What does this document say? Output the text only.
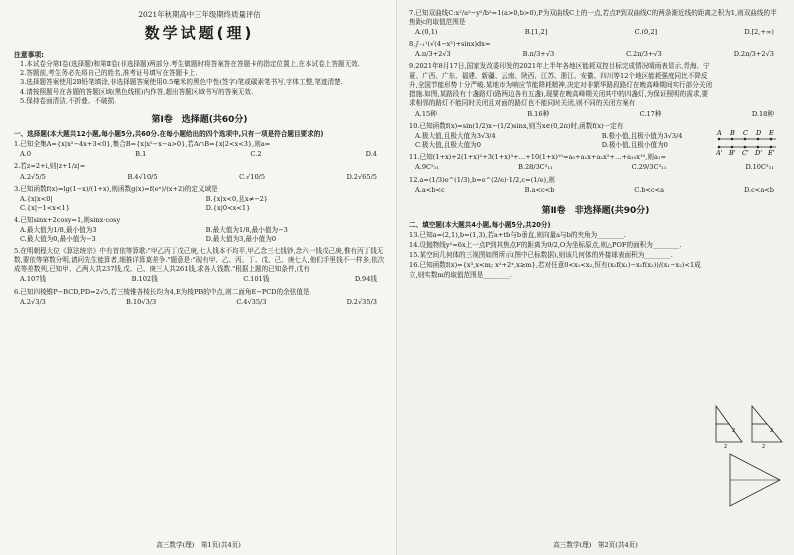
2021年秋期高中三年级期终质量评估
数学试题(理)
注意事项:

1.本试卷分第Ⅰ卷(选择题)和第Ⅱ卷(非选择题)两部分.考生做题时将答案答在答题卡的指定位置上,在本试卷上答题无效.

2.答题前,考生务必先将自己的姓名,准考证号填写在答题卡上.

3.选择题答案使用2B铅笔填涂,非选择题答案使用0.5毫米的黑色中性(签字)笔或碳素笔书写,字体工整,笔迹清楚.

4.请按照题号在各题的答题区域(黑色线框)内作答,超出答题区域书写的答案无效.

5.保持卷面清洁,不折叠、不破损.

第Ⅰ卷　选择题(共60分)
一、选择题(本大题共12小题,每小题5分,共60分.在每小题给出的四个选项中,只有一项是符合题目要求的)
1.已知全集A={x|x²−4x+3<0},集合B={x|x²−x−a>0},若A∩B={x|2<x<3},则a=
A.0	B.1	C.2	D.4
2.若z=2+i,则|z+1/z|=
A.2√5/5	B.4√10/5	C.√10/5	D.2√65/5
3.已知函数f(x)=lg(1−x)/(1+x),则函数g(x)=f(eˣ)/(x+2)的定义域是
A.{x|x<0|	B.{x|x<0,且x≠−2}
C.{x|−1<x<1}	D.{x|0<x<1}
4.已知sinx+2cosy=1,则sinx·cosy
A.最大值为1/8,最小值为3	B.最大值为1/8,最小值为−3
C.最大值为0,最小值为−3	D.最大值为3,最小值为0
5.在明朝程大位《算法统宗》中有首依等算歌:"甲乙丙丁戊己庚,七人钱本不均平,甲乙念三七钱钞,念六一钱戊己庚,惟有丙丁钱无数,要依等第数分明,请问先生能算者,细推详算莫差争."题意是:"现有甲、乙、丙、丁、戊、己、庚七人,他们手里钱不一样多,依次成等差数列,已知甲、乙两人共237钱,戊、己、庚三人共261钱,求各人钱数."根据上题的已知条件,戊有
A.107钱	B.102钱	C.101钱	D.94钱
6.已知四棱锥P−BCD,PD=2√5,若三棱锥各棱长均为4,E为棱PB的中点,则二面角E−PCD的余弦值是
A.2√3/3	B.10√3/3	C.4√35/3	D.2√35/3
高三数学(理)　第1页(共4页)
7.已知双曲线C:x²/a²−y²/b²=1(a>0,b>0),P为双曲线C上的一点,若点P到双曲线C的两条渐近线的距离之积为1,则双曲线的半焦距c的取值范围是
A.(0,1)	B.[1,2]	C.(0,2]	D.[2,+∞)
8.∫₋₁¹(√(4−x²)+sinx)dx=
A.π/3+2√3	B.π/3+√3	C.2π/3+√3	D.2π/3+2√3
9.2021年8月17日,国家发改委印发的2021年上半年各地区能耗双控目标完成情况晴雨表显示,青海、宁夏、广西、广东、福建、新疆、云南、陕西、江苏、浙江、安徽、四川等12个地区能耗强度同比不降反升,全国节能形势十分严峻.某地市为响应节能降耗精神,决定对非繁华路段路灯在晚高峰期间实行部分关闭措施.如图,某路段有十盏路灯(路两边各有五盏),现要在晚高峰期关闭其中的四盏灯,为保证照明的需求,要求相邻的路灯不能同时关闭且对面的路灯也不能同时关闭,则不同的关闭方案有
A.15种	B.16种	C.17种	D.18种
A B C D E
A' B' C' D' E'
10.已知函数f(x)=sin(1/2)x−(1/2)sinx,则当x∈(0,2π)时,函数f(x)一定有
A.极大值,且极大值为3√3/4	B.极小值,且极小值为3√3/4
C.极大值,且极大值为0	D.极小值,且极小值为0
11.已知(1+x)+2(1+x)²+3(1+x)³+…+10(1+x)¹⁰=a₀+a₁x+a₂x²+…+a₁₀x¹⁰,则a₁=
A.9C²₁₁	B.28/3C³₁₁	C.29/3C³₁₁	D.10C³₁₁
12.a=(1/3)e^(1/3),b=e^(2/e)·1/2,c=(1/e),则
A.a<b<c	B.a<c<b	C.b<c<a	D.c<a<b
第Ⅱ卷　非选择题(共90分)
二、填空题(本大题共4小题,每小题5分,共20分)
13.已知a=(2,1),b=(1,3),若a+tb与b垂直,则向量a与b的夹角为________.
14.设抛物线y²=6x上一点P到其焦点F的距离为9/2,O为坐标原点,则△POF的面积为________.
15.某空间几何体的三视图如图所示(图中已标数据),则该几何体的外接球表面积为________.
16.已知函数f(x)={x³,x<m; x²+2ˣ,x≥m},若对任意0<x₁<x₂,恒有(x₂f(x₁)−x₁f(x₂))/(x₁−x₂)<1成立,则实数m的取值范围是________.
2	2
2	2
高三数学(理)　第2页(共4页)
